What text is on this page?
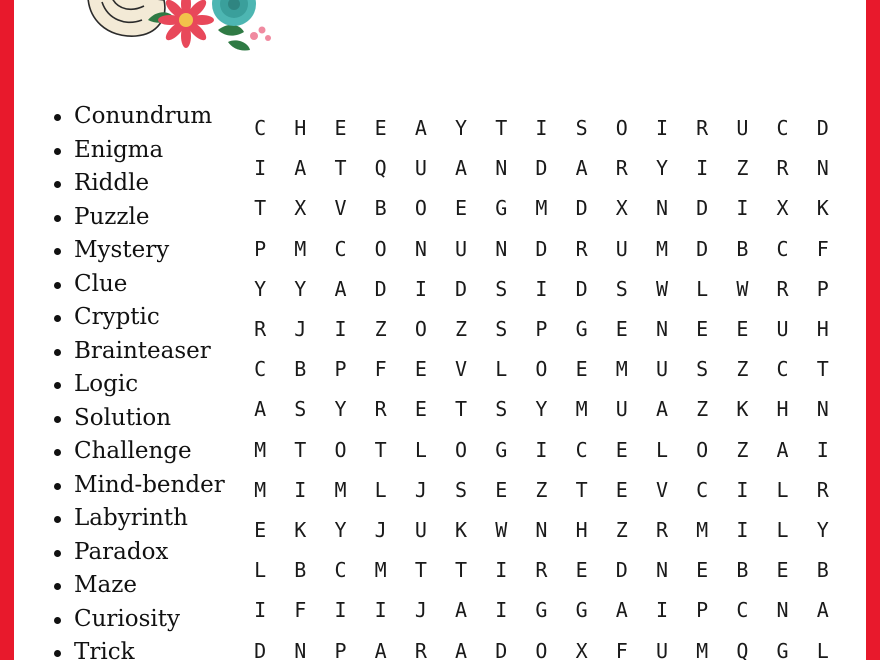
Conundrum
Enigma
Riddle
Puzzle
Mystery
Clue
Cryptic
Brainteaser
Logic
Solution
Challenge
Mind-bender
Labyrinth
Paradox
Maze
Curiosity
Trick
C	H	E	E	A	Y	T	I	S	O	I	R	U	C	D
I	A	T	Q	U	A	N	D	A	R	Y	I	Z	R	N
T	X	V	B	O	E	G	M	D	X	N	D	I	X	K
P	M	C	O	N	U	N	D	R	U	M	D	B	C	F
Y	Y	A	D	I	D	S	I	D	S	W	L	W	R	P
R	J	I	Z	O	Z	S	P	G	E	N	E	E	U	H
C	B	P	F	E	V	L	O	E	M	U	S	Z	C	T
A	S	Y	R	E	T	S	Y	M	U	A	Z	K	H	N
M	T	O	T	L	O	G	I	C	E	L	O	Z	A	I
M	I	M	L	J	S	E	Z	T	E	V	C	I	L	R
E	K	Y	J	U	K	W	N	H	Z	R	M	I	L	Y
L	B	C	M	T	T	I	R	E	D	N	E	B	E	B
I	F	I	I	J	A	I	G	G	A	I	P	C	N	A
D	N	P	A	R	A	D	O	X	F	U	M	Q	G	L
